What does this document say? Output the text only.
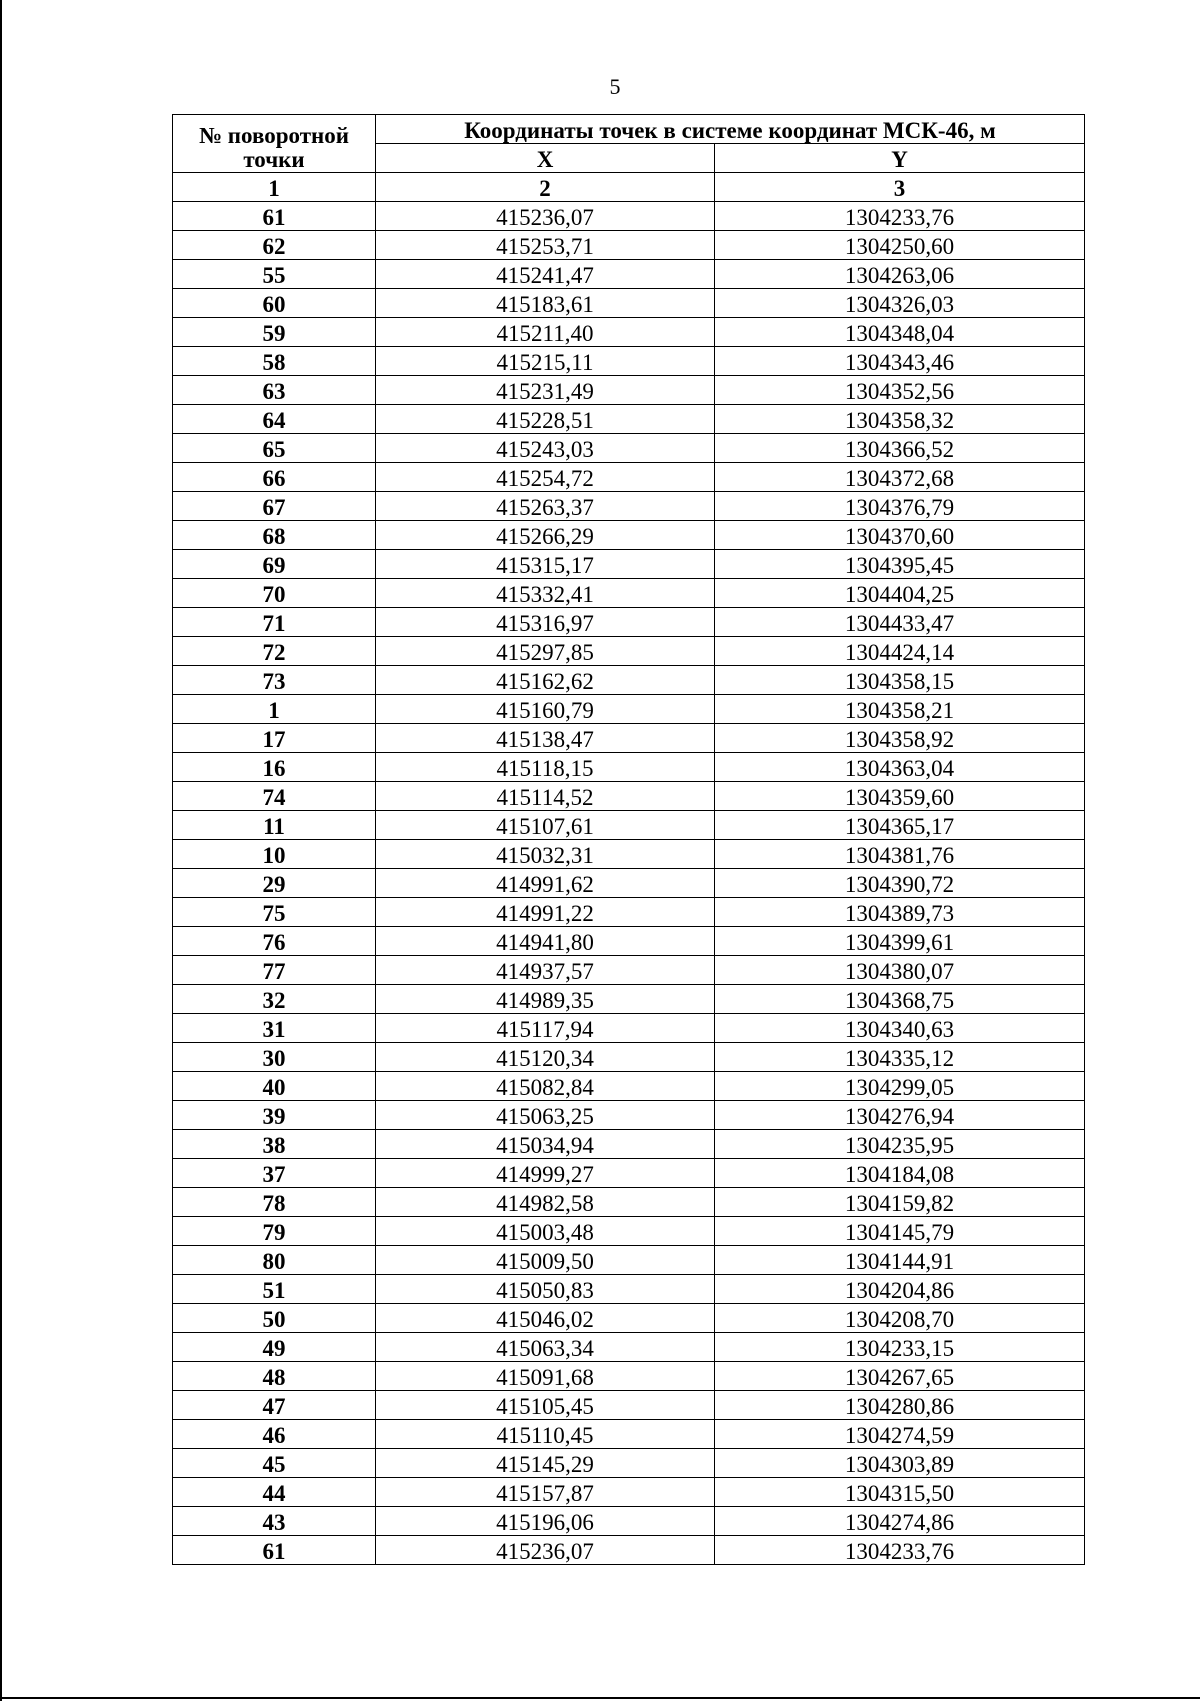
5
№ поворотной точки	Координаты точек в системе координат МСК-46, м	
	X	Y
1	2	3
61	415236,07	1304233,76
62	415253,71	1304250,60
55	415241,47	1304263,06
60	415183,61	1304326,03
59	415211,40	1304348,04
58	415215,11	1304343,46
63	415231,49	1304352,56
64	415228,51	1304358,32
65	415243,03	1304366,52
66	415254,72	1304372,68
67	415263,37	1304376,79
68	415266,29	1304370,60
69	415315,17	1304395,45
70	415332,41	1304404,25
71	415316,97	1304433,47
72	415297,85	1304424,14
73	415162,62	1304358,15
1	415160,79	1304358,21
17	415138,47	1304358,92
16	415118,15	1304363,04
74	415114,52	1304359,60
11	415107,61	1304365,17
10	415032,31	1304381,76
29	414991,62	1304390,72
75	414991,22	1304389,73
76	414941,80	1304399,61
77	414937,57	1304380,07
32	414989,35	1304368,75
31	415117,94	1304340,63
30	415120,34	1304335,12
40	415082,84	1304299,05
39	415063,25	1304276,94
38	415034,94	1304235,95
37	414999,27	1304184,08
78	414982,58	1304159,82
79	415003,48	1304145,79
80	415009,50	1304144,91
51	415050,83	1304204,86
50	415046,02	1304208,70
49	415063,34	1304233,15
48	415091,68	1304267,65
47	415105,45	1304280,86
46	415110,45	1304274,59
45	415145,29	1304303,89
44	415157,87	1304315,50
43	415196,06	1304274,86
61	415236,07	1304233,76
